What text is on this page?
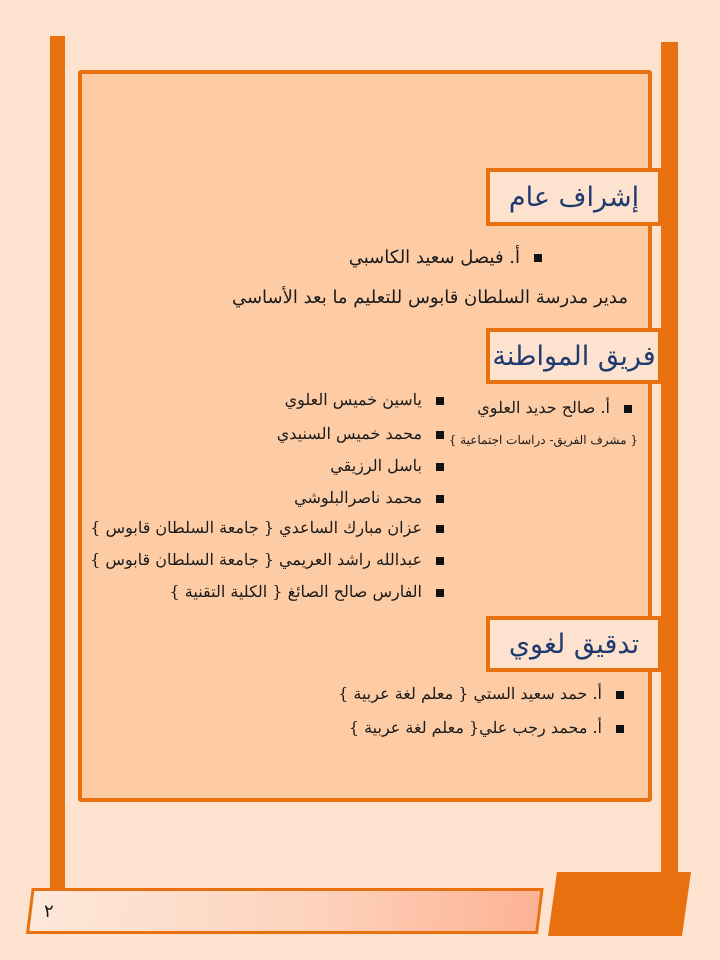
إشراف عام
أ. فيصل سعيد الكاسبي
مدير مدرسة السلطان قابوس للتعليم ما بعد الأساسي
فريق المواطنة
أ. صالح حديد العلوي
{ مشرف الفريق- دراسات اجتماعية }
ياسين خميس العلوي
محمد خميس السنيدي
باسل الرزيقي
محمد ناصرالبلوشي
عزان مبارك الساعدي { جامعة السلطان قابوس }
عبدالله راشد العريمي { جامعة السلطان قابوس }
الفارس صالح الصائغ { الكلية التقنية }
تدقيق لغوي
أ. حمد سعيد الستي { معلم لغة عربية }
أ. محمد رجب علي{ معلم لغة عربية }
٢
